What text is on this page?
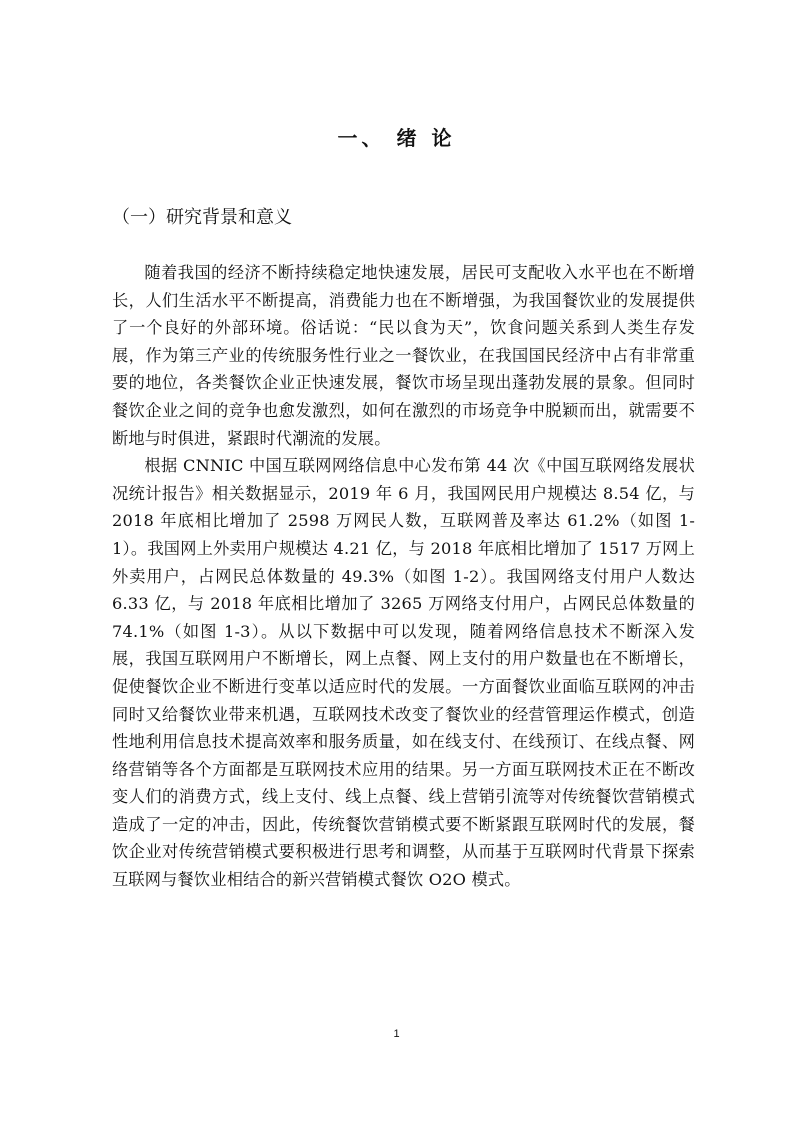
一、 绪 论
（一）研究背景和意义

随着我国的经济不断持续稳定地快速发展，居民可支配收入水平也在不断增长，人们生活水平不断提高，消费能力也在不断增强，为我国餐饮业的发展提供了一个良好的外部环境。俗话说：“民以食为天”，饮食问题关系到人类生存发展，作为第三产业的传统服务性行业之一餐饮业，在我国国民经济中占有非常重要的地位，各类餐饮企业正快速发展，餐饮市场呈现出蓬勃发展的景象。但同时餐饮企业之间的竞争也愈发激烈，如何在激烈的市场竞争中脱颖而出，就需要不断地与时俱进，紧跟时代潮流的发展。

根据 CNNIC 中国互联网网络信息中心发布第 44 次《中国互联网络发展状况统计报告》相关数据显示，2019 年 6 月，我国网民用户规模达 8.54 亿，与 2018 年底相比增加了 2598 万网民人数，互联网普及率达 61.2%（如图 1-1）。我国网上外卖用户规模达 4.21 亿，与 2018 年底相比增加了 1517 万网上外卖用户，占网民总体数量的 49.3%（如图 1-2）。我国网络支付用户人数达 6.33 亿，与 2018 年底相比增加了 3265 万网络支付用户，占网民总体数量的 74.1%（如图 1-3）。从以下数据中可以发现，随着网络信息技术不断深入发展，我国互联网用户不断增长，网上点餐、网上支付的用户数量也在不断增长，促使餐饮企业不断进行变革以适应时代的发展。一方面餐饮业面临互联网的冲击同时又给餐饮业带来机遇，互联网技术改变了餐饮业的经营管理运作模式，创造性地利用信息技术提高效率和服务质量，如在线支付、在线预订、在线点餐、网络营销等各个方面都是互联网技术应用的结果。另一方面互联网技术正在不断改变人们的消费方式，线上支付、线上点餐、线上营销引流等对传统餐饮营销模式造成了一定的冲击，因此，传统餐饮营销模式要不断紧跟互联网时代的发展，餐饮企业对传统营销模式要积极进行思考和调整，从而基于互联网时代背景下探索互联网与餐饮业相结合的新兴营销模式餐饮 O2O 模式。

1
